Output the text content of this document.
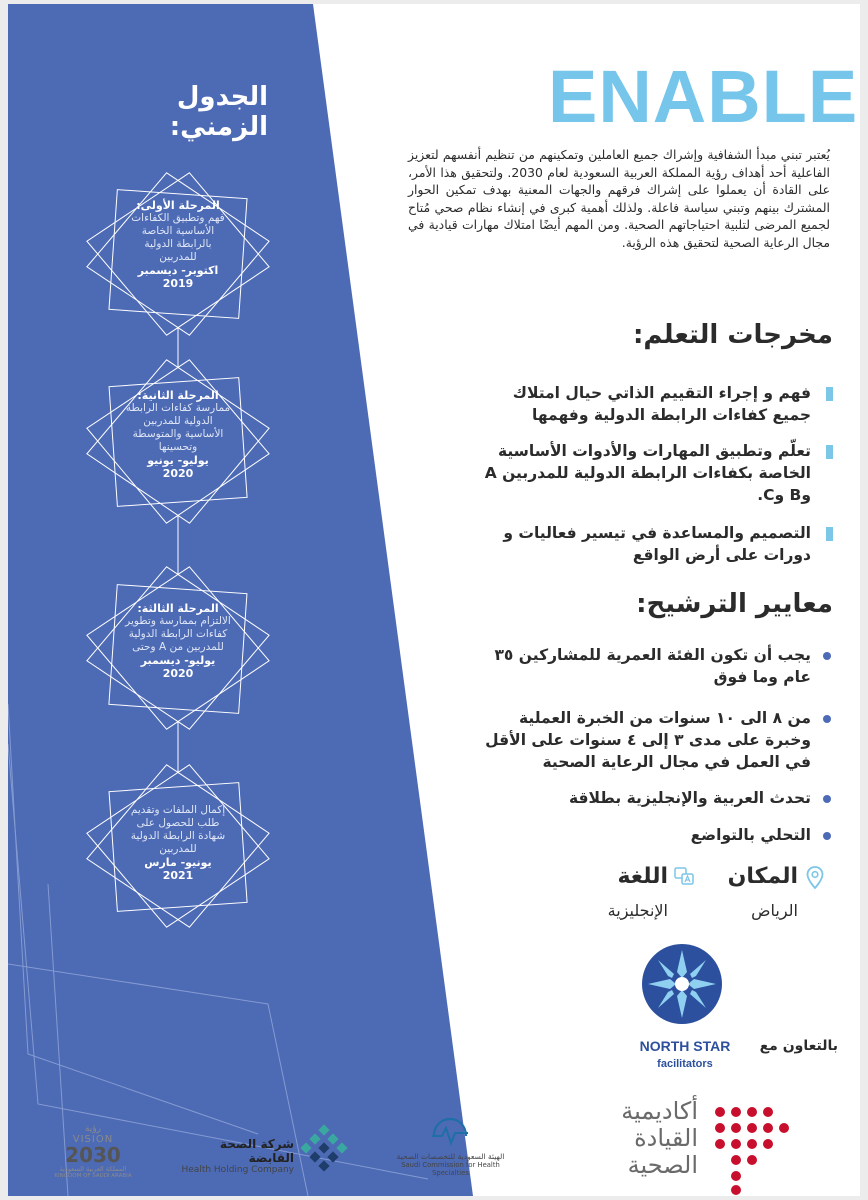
الجدول الزمني:
المرحلة الأولى:
فهم وتطبيق الكفاءات
الأساسية الخاصة
بالرابطة الدولية
للمدربين
اكتوبر- ديسمبر
2019
المرحلة الثانية:
ممارسة كفاءات الرابطة
الدولية للمدربين
الأساسية والمتوسطة
وتحسينها
يوليو- يونيو
2020
المرحلة الثالثة:
الالتزام بممارسة وتطوير
كفاءات الرابطة الدولية
للمدربين من A وحتى
يوليو- ديسمبر
2020
إكمال الملفات وتقديم
طلب للحصول على
شهادة الرابطة الدولية
للمدربين
يونيو- مارس
2021
ENABLE
يُعتبر تبني مبدأ الشفافية وإشراك جميع العاملين وتمكينهم من تنظيم أنفسهم لتعزيز الفاعلية أحد أهداف رؤية المملكة العربية السعودية لعام 2030. ولتحقيق هذا الأمر، على القادة أن يعملوا على إشراك فرقهم والجهات المعنية بهدف تمكين الحوار المشترك بينهم وتبني سياسة فاعلة. ولذلك أهمية كبرى في إنشاء نظام صحي مُتاح لجميع المرضى لتلبية احتياجاتهم الصحية. ومن المهم أيضًا امتلاك مهارات قيادية في مجال الرعاية الصحية لتحقيق هذه الرؤية.
مخرجات التعلم:
فهم و إجراء التقييم الذاتي حيال امتلاك جميع كفاءات الرابطة الدولية وفهمها
تعلّم وتطبيق المهارات والأدوات الأساسية الخاصة بكفاءات الرابطة الدولية للمدربين A وB وC.
التصميم والمساعدة في تيسير فعاليات و دورات على أرض الواقع
معايير الترشيح:
يجب أن تكون الفئة العمرية للمشاركين ٣٥ عام وما فوق
من ٨ الى ١٠ سنوات من الخبرة العملية وخبرة على مدى ٣ إلى ٤ سنوات على الأقل في العمل في مجال الرعاية الصحية
تحدث العربية والإنجليزية بطلاقة
التحلي بالتواضع
المكان
الرياض
اللغة
الإنجليزية
NORTH STAR
facilitators
بالتعاون مع
رؤية
VISION
2030
المملكة العربية السعودية
KINGDOM OF SAUDI ARABIA
شركة الصحة القابضة
Health Holding Company
الهيئة السعودية للتخصصات الصحية
Saudi Commission for Health Specialties
أكاديمية
القيادة
الصحية
